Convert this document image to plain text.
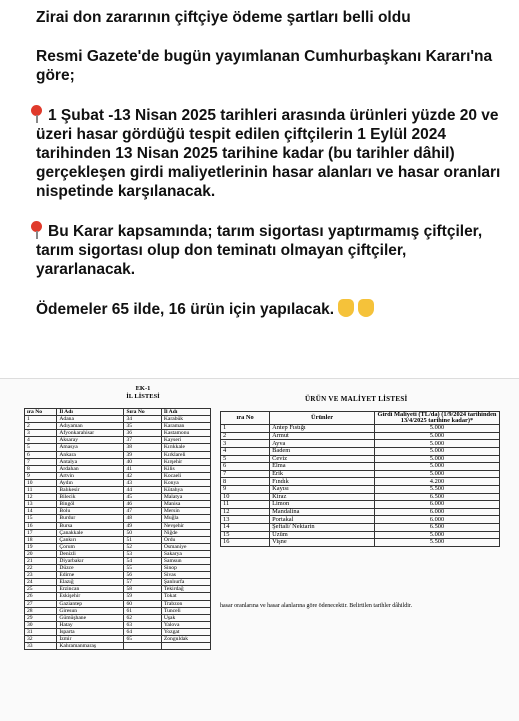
Zirai don zararının çiftçiye ödeme şartları belli oldu

Resmi Gazete'de bugün yayımlanan Cumhurbaşkanı Kararı'na göre;

1 Şubat -13 Nisan 2025 tarihleri arasında ürünleri yüzde 20 ve üzeri hasar gördüğü tespit edilen çiftçilerin 1 Eylül 2024 tarihinden 13 Nisan 2025 tarihine kadar (bu tarihler dâhil) gerçekleşen girdi maliyetlerinin hasar alanları ve hasar oranları nispetinde karşılanacak.

Bu Karar kapsamında; tarım sigortası yaptırmamış çiftçiler, tarım sigortası olup don teminatı olmayan çiftçiler, yararlanacak.

Ödemeler 65 ilde, 16 ürün için yapılacak.

EK-1
İL LİSTESİ
ıra No	İl Adı	Sıra No	İl Adı
1	Adana	34	Karabük
2	Adıyaman	35	Karaman
3	Afyonkarahisar	36	Kastamonu
4	Aksaray	37	Kayseri
5	Amasya	38	Kırıkkale
6	Ankara	39	Kırklareli
7	Antalya	40	Kırşehir
8	Ardahan	41	Kilis
9	Artvin	42	Kocaeli
10	Aydın	43	Konya
11	Balıkesir	44	Kütahya
12	Bilecik	45	Malatya
13	Bingöl	46	Manisa
14	Bolu	47	Mersin
15	Burdur	48	Muğla
16	Bursa	49	Nevşehir
17	Çanakkale	50	Niğde
18	Çankırı	51	Ordu
19	Çorum	52	Osmaniye
20	Denizli	53	Sakarya
21	Diyarbakır	54	Samsun
22	Düzce	55	Sinop
23	Edirne	56	Sivas
24	Elazığ	57	Şanlıurfa
25	Erzincan	58	Tekirdağ
26	Eskişehir	59	Tokat
27	Gaziantep	60	Trabzon
28	Giresun	61	Tunceli
29	Gümüşhane	62	Uşak
30	Hatay	63	Yalova
31	Isparta	64	Yozgat
32	İzmir	65	Zonguldak
33	Kahramanmaraş		
ÜRÜN VE MALİYET LİSTESİ
ıra No	Ürünler	Girdi Maliyeti (TL/da) (1/9/2024 tarihinden 13/4/2025 tarihine kadar)*
1	Antep Fıstığı	5.000
2	Armut	5.000
3	Ayva	5.000
4	Badem	5.000
5	Ceviz	5.000
6	Elma	5.000
7	Erik	5.000
8	Fındık	4.200
9	Kayısı	5.500
10	Kiraz	6.500
11	Limon	6.000
12	Mandalina	6.000
13	Portakal	6.000
14	Şeftali/ Nektarin	6.500
15	Üzüm	5.000
16	Vişne	5.500
hasar oranlarına ve hasar alanlarına göre ödenecektir. Belirtilen tarihler dâhildir.
